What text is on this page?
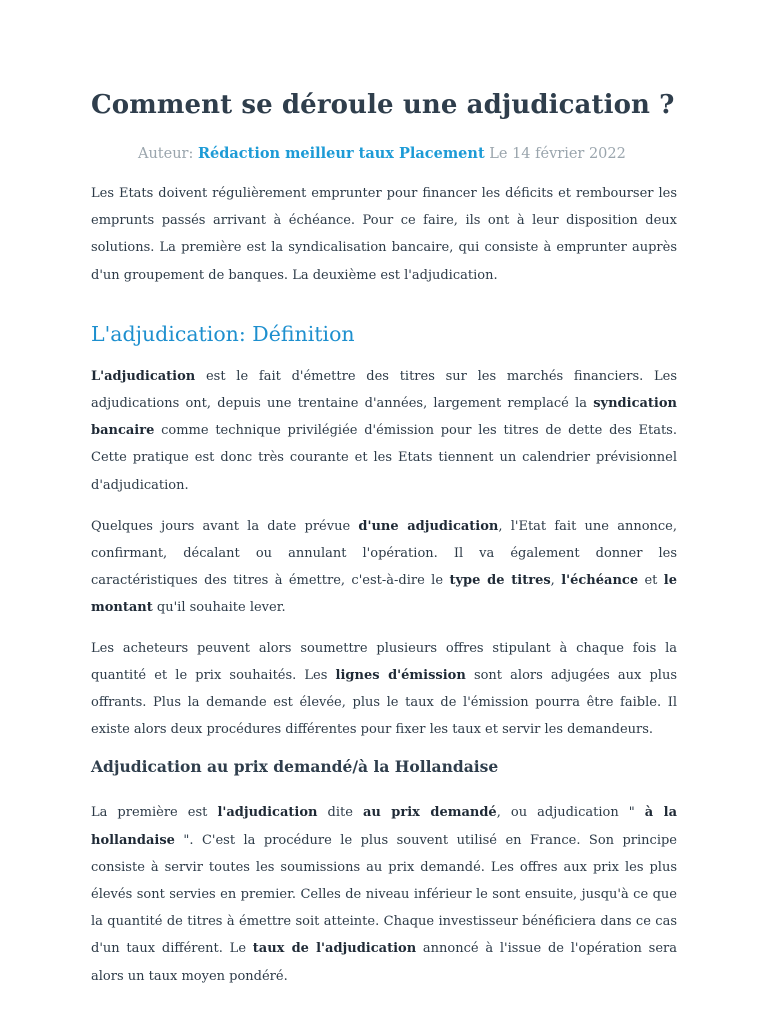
Comment se déroule une adjudication ?
Auteur: Rédaction meilleur taux Placement Le 14 février 2022

Les Etats doivent régulièrement emprunter pour financer les déficits et rembourser les emprunts passés arrivant à échéance. Pour ce faire, ils ont à leur disposition deux solutions. La première est la syndicalisation bancaire, qui consiste à emprunter auprès d'un groupement de banques. La deuxième est l'adjudication.

L'adjudication: Définition

L'adjudication est le fait d'émettre des titres sur les marchés financiers. Les adjudications ont, depuis une trentaine d'années, largement remplacé la syndication bancaire comme technique privilégiée d'émission pour les titres de dette des Etats. Cette pratique est donc très courante et les Etats tiennent un calendrier prévisionnel d'adjudication.

Quelques jours avant la date prévue d'une adjudication, l'Etat fait une annonce, confirmant, décalant ou annulant l'opération. Il va également donner les caractéristiques des titres à émettre, c'est-à-dire le type de titres, l'échéance et le montant qu'il souhaite lever.

Les acheteurs peuvent alors soumettre plusieurs offres stipulant à chaque fois la quantité et le prix souhaités. Les lignes d'émission sont alors adjugées aux plus offrants. Plus la demande est élevée, plus le taux de l'émission pourra être faible. Il existe alors deux procédures différentes pour fixer les taux et servir les demandeurs.

Adjudication au prix demandé/à la Hollandaise

La première est l'adjudication dite au prix demandé, ou adjudication " à la hollandaise ". C'est la procédure le plus souvent utilisé en France. Son principe consiste à servir toutes les soumissions au prix demandé. Les offres aux prix les plus élevés sont servies en premier. Celles de niveau inférieur le sont ensuite, jusqu'à ce que la quantité de titres à émettre soit atteinte. Chaque investisseur bénéficiera dans ce cas d'un taux différent. Le taux de l'adjudication annoncé à l'issue de l'opération sera alors un taux moyen pondéré.
